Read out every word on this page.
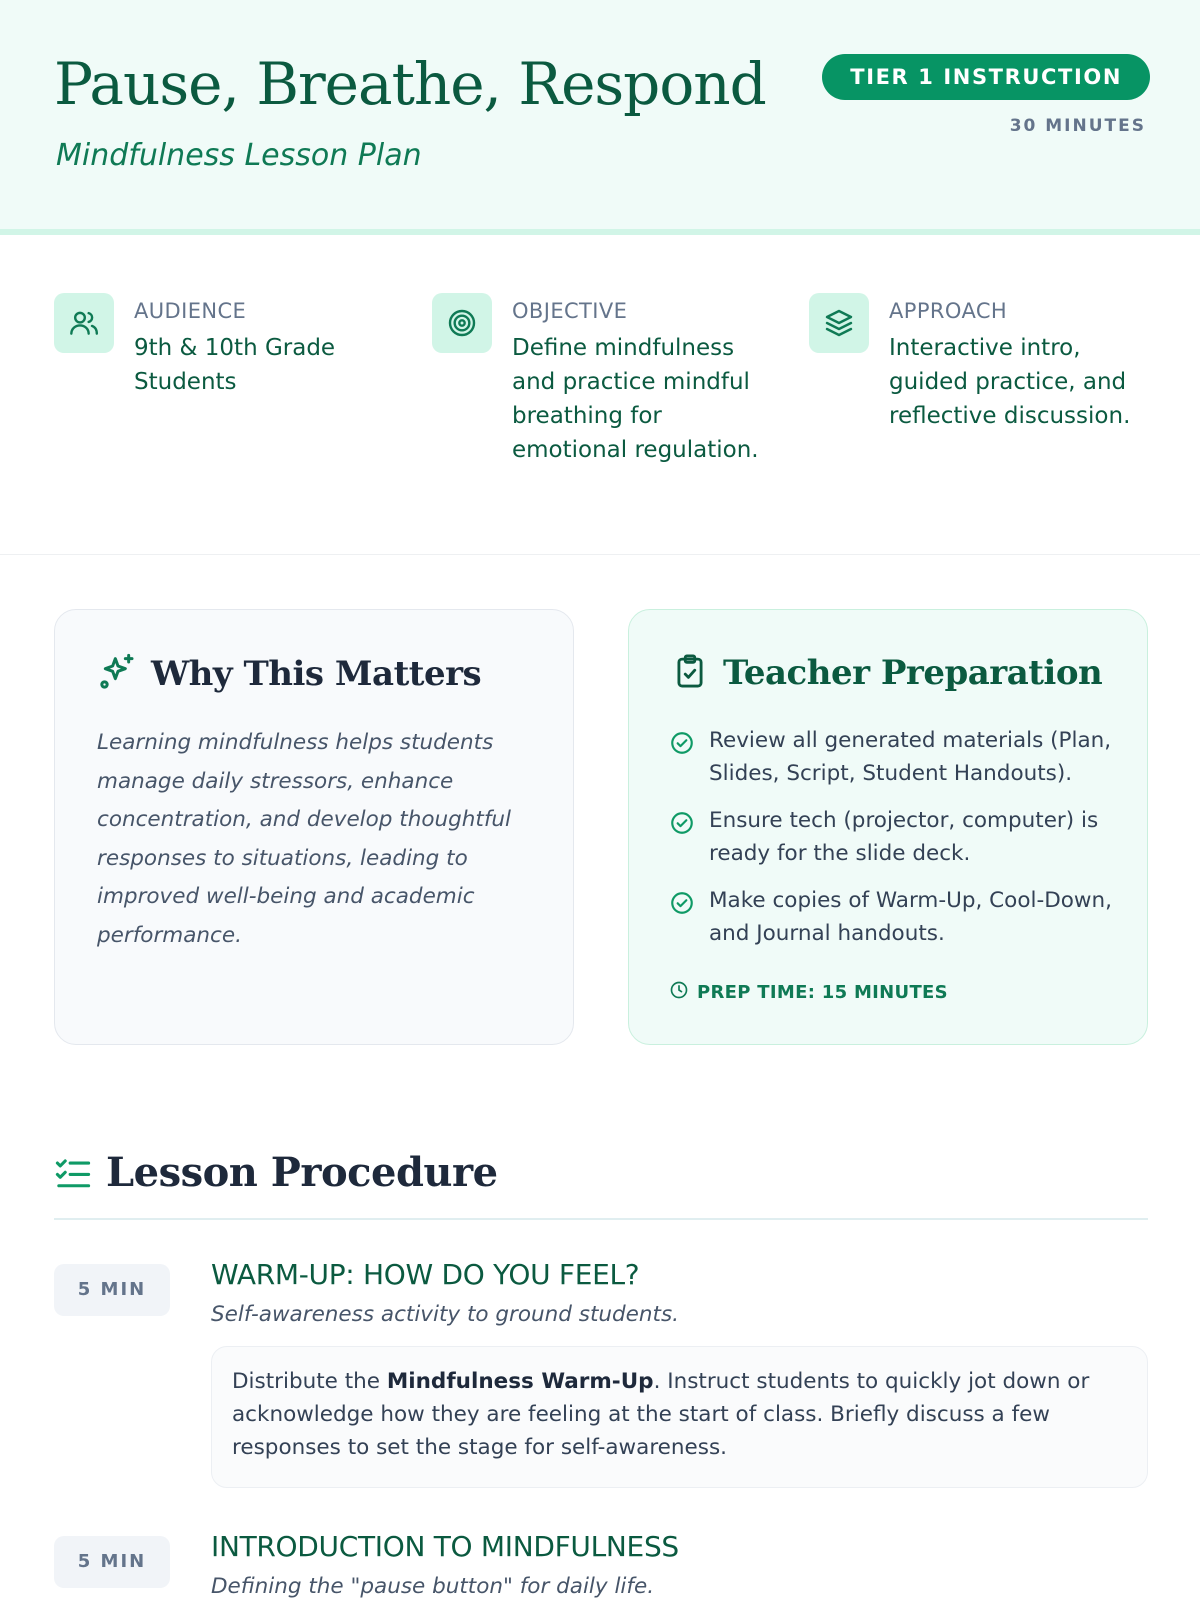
Pause, Breathe, Respond
Mindfulness Lesson Plan
TIER 1 INSTRUCTION
30 MINUTES
AUDIENCE
9th & 10th Grade Students
OBJECTIVE
Define mindfulness and practice mindful breathing for emotional regulation.
APPROACH
Interactive intro, guided practice, and reflective discussion.
Why This Matters

Learning mindfulness helps students manage daily stressors, enhance concentration, and develop thoughtful responses to situations, leading to improved well-being and academic performance.

Teacher Preparation
Review all generated materials (Plan, Slides, Script, Student Handouts).
Ensure tech (projector, computer) is ready for the slide deck.
Make copies of Warm-Up, Cool-Down, and Journal handouts.
PREP TIME: 15 MINUTES
Lesson Procedure
5 MIN	WARM-UP: HOW DO YOU FEEL?
Self-awareness activity to ground students.
Distribute the Mindfulness Warm-Up. Instruct students to quickly jot down or acknowledge how they are feeling at the start of class. Briefly discuss a few responses to set the stage for self-awareness.
5 MIN	INTRODUCTION TO MINDFULNESS
Defining the "pause button" for daily life.
